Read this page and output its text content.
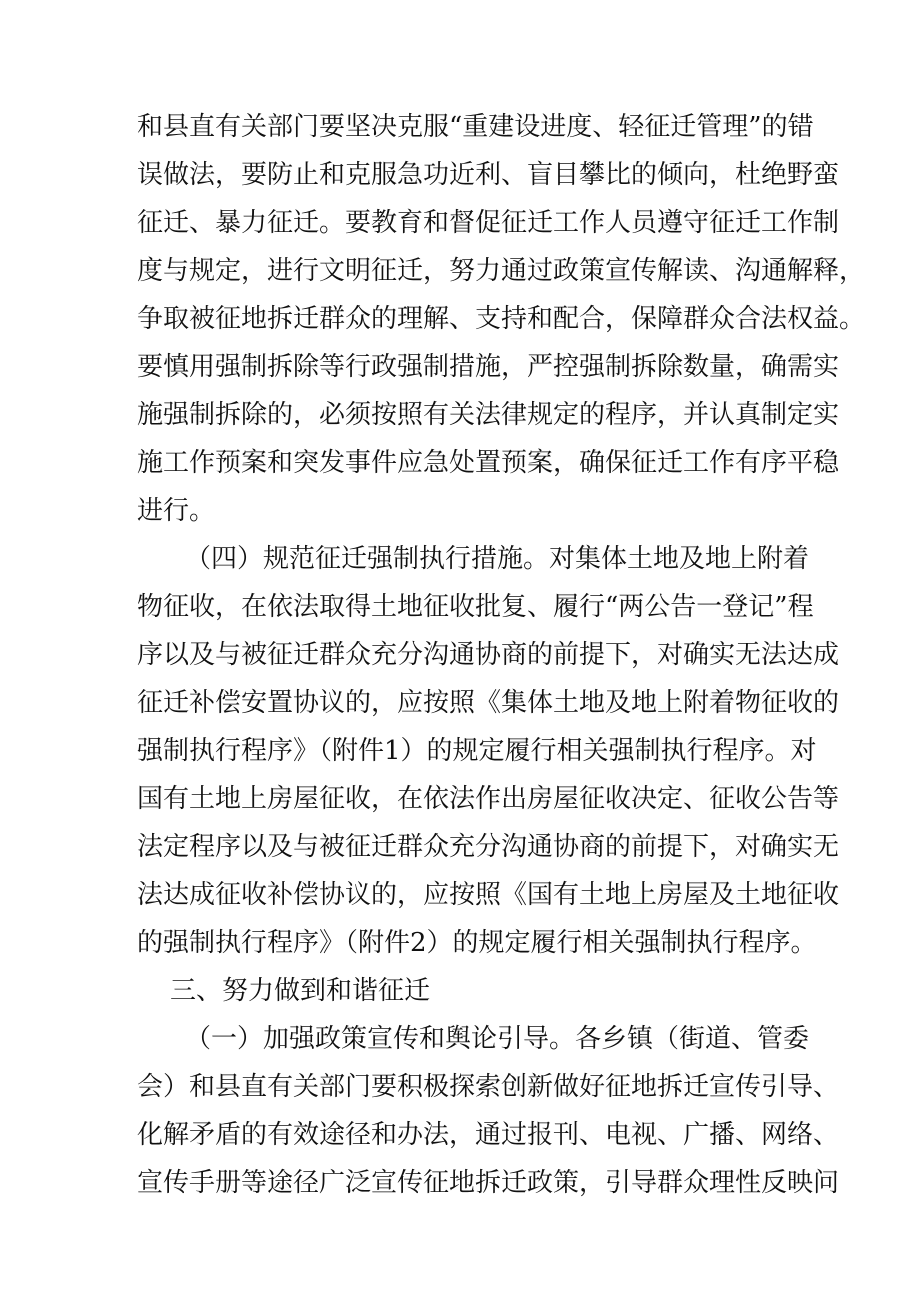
和县直有关部门要坚决克服“重建设进度、轻征迁管理”的错
误做法，要防止和克服急功近利、盲目攀比的倾向，杜绝野蛮
征迁、暴力征迁。要教育和督促征迁工作人员遵守征迁工作制
度与规定，进行文明征迁，努力通过政策宣传解读、沟通解释，
争取被征地拆迁群众的理解、支持和配合，保障群众合法权益。
要慎用强制拆除等行政强制措施，严控强制拆除数量，确需实
施强制拆除的，必须按照有关法律规定的程序，并认真制定实
施工作预案和突发事件应急处置预案，确保征迁工作有序平稳
进行。
（四）规范征迁强制执行措施。对集体土地及地上附着
物征收，在依法取得土地征收批复、履行“两公告一登记”程
序以及与被征迁群众充分沟通协商的前提下，对确实无法达成
征迁补偿安置协议的，应按照《集体土地及地上附着物征收的
强制执行程序》（附件1）的规定履行相关强制执行程序。对
国有土地上房屋征收，在依法作出房屋征收决定、征收公告等
法定程序以及与被征迁群众充分沟通协商的前提下，对确实无
法达成征收补偿协议的，应按照《国有土地上房屋及土地征收
的强制执行程序》（附件2）的规定履行相关强制执行程序。
三、努力做到和谐征迁
（一）加强政策宣传和舆论引导。各乡镇（街道、管委
会）和县直有关部门要积极探索创新做好征地拆迁宣传引导、
化解矛盾的有效途径和办法，通过报刊、电视、广播、网络、
宣传手册等途径广泛宣传征地拆迁政策，引导群众理性反映问
